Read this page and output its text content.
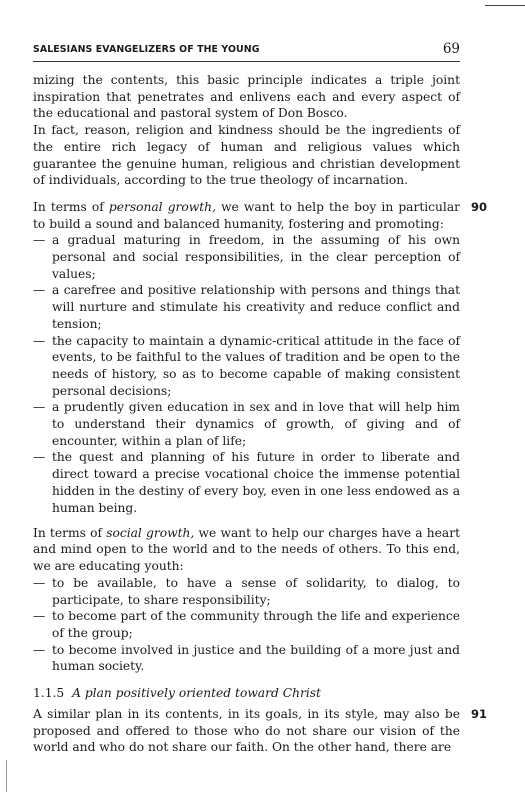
SALESIANS EVANGELIZERS OF THE YOUNG	69

mizing the contents, this basic principle indicates a triple joint inspiration that penetrates and enlivens each and every aspect of the educational and pastoral system of Don Bosco.

In fact, reason, religion and kindness should be the ingredients of the entire rich legacy of human and religious values which guarantee the genuine human, religious and christian development of individuals, according to the true theology of incarnation.

90

In terms of personal growth, we want to help the boy in particular to build a sound and balanced humanity, fostering and promoting:

— a gradual maturing in freedom, in the assuming of his own personal and social responsibilities, in the clear perception of values;
— a carefree and positive relationship with persons and things that will nurture and stimulate his creativity and reduce conflict and tension;
— the capacity to maintain a dynamic-critical attitude in the face of events, to be faithful to the values of tradition and be open to the needs of history, so as to become capable of making consistent personal decisions;
— a prudently given education in sex and in love that will help him to understand their dynamics of growth, of giving and of encounter, within a plan of life;
— the quest and planning of his future in order to liberate and direct toward a precise vocational choice the immense potential hidden in the destiny of every boy, even in one less endowed as a human being.

In terms of social growth, we want to help our charges have a heart and mind open to the world and to the needs of others. To this end, we are educating youth:

— to be available, to have a sense of solidarity, to dialog, to participate, to share responsibility;
— to become part of the community through the life and experience of the group;
— to become involved in justice and the building of a more just and human society.
1.1.5 A plan positively oriented toward Christ
91

A similar plan in its contents, in its goals, in its style, may also be proposed and offered to those who do not share our vision of the world and who do not share our faith. On the other hand, there are
